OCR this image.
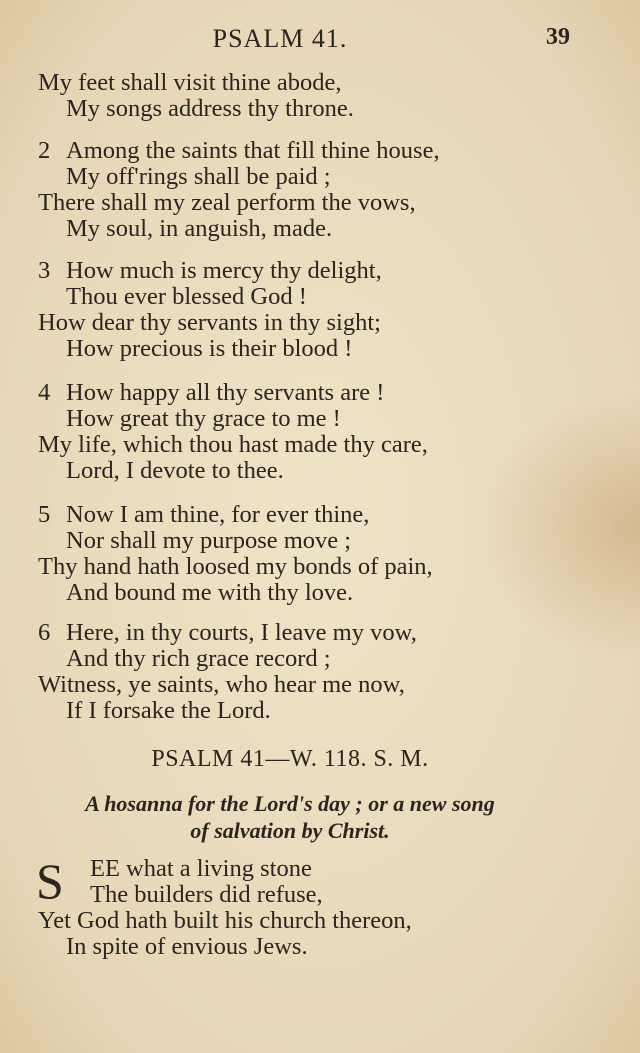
PSALM 41.	39
My feet shall visit thine abode,
My songs address thy throne.
2 Among the saints that fill thine house,
My off'rings shall be paid ;
There shall my zeal perform the vows,
My soul, in anguish, made.
3 How much is mercy thy delight,
Thou ever blessed God !
How dear thy servants in thy sight;
How precious is their blood !
4 How happy all thy servants are !
How great thy grace to me !
My life, which thou hast made thy care,
Lord, I devote to thee.
5 Now I am thine, for ever thine,
Nor shall my purpose move ;
Thy hand hath loosed my bonds of pain,
And bound me with thy love.
6 Here, in thy courts, I leave my vow,
And thy rich grace record ;
Witness, ye saints, who hear me now,
If I forsake the Lord.
PSALM 41—W. 118. S. M.
A hosanna for the Lord's day ; or a new song
of salvation by Christ.
S	EE what a living stone
The builders did refuse,
Yet God hath built his church thereon,
In spite of envious Jews.
